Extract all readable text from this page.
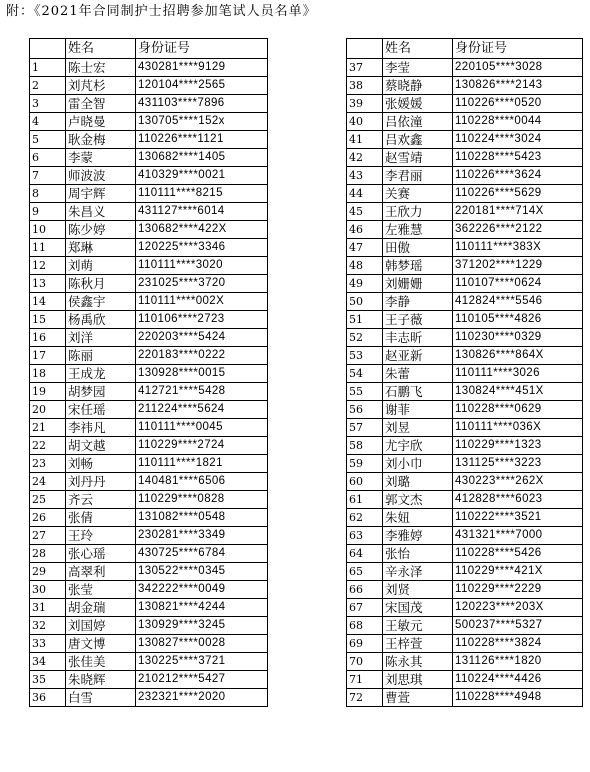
附：《2021年合同制护士招聘参加笔试人员名单》
	姓名	身份证号
1	陈士宏	430281****9129
2	刘芃杉	120104****2565
3	雷全智	431103****7896
4	卢晓曼	130705****152x
5	耿金梅	110226****1121
6	李蒙	130682****1405
7	师波波	410329****0021
8	周宇辉	110111****8215
9	朱昌义	431127****6014
10	陈少婷	130682****422X
11	郑琳	120225****3346
12	刘萌	110111****3020
13	陈秋月	231025****3720
14	侯鑫宇	110111****002X
15	杨禹欣	110106****2723
16	刘洋	220203****5424
17	陈丽	220183****0222
18	王成龙	130928****0015
19	胡梦园	412721****5428
20	宋任瑶	211224****5624
21	李祎凡	110111****0045
22	胡文越	110229****2724
23	刘畅	110111****1821
24	刘丹丹	140481****6506
25	齐云	110229****0828
26	张倩	131082****0548
27	王玲	230281****3349
28	张心瑶	430725****6784
29	高翠利	130522****0345
30	张莹	342222****0049
31	胡金瑞	130821****4244
32	刘国婷	130929****3245
33	唐文博	130827****0028
34	张佳美	130225****3721
35	朱晓辉	210212****5427
36	白雪	232321****2020
	姓名	身份证号
37	李莹	220105****3028
38	蔡晓静	130826****2143
39	张媛媛	110226****0520
40	吕依潼	110228****0044
41	吕欢鑫	110224****3024
42	赵雪靖	110228****5423
43	李君丽	110226****3624
44	关赛	110226****5629
45	王欣力	220181****714X
46	左雅慧	362226****2122
47	田傲	110111****383X
48	韩梦瑶	371202****1229
49	刘姗姗	110107****0624
50	李静	412824****5546
51	王子薇	110105****4826
52	丰志昕	110230****0329
53	赵亚新	130826****864X
54	朱蕾	110111****3026
55	石鹏飞	130824****451X
56	谢菲	110228****0629
57	刘昱	110111****036X
58	尤宇欣	110229****1323
59	刘小巾	131125****3223
60	刘璐	430223****262X
61	郭文杰	412828****6023
62	朱妞	110222****3521
63	李雅婷	431321****7000
64	张怡	110228****5426
65	辛永泽	110229****421X
66	刘贤	110229****2229
67	宋国茂	120223****203X
68	王敏元	500237****5327
69	王梓萱	110228****3824
70	陈永其	131126****1820
71	刘思琪	110224****4426
72	曹萱	110228****4948
